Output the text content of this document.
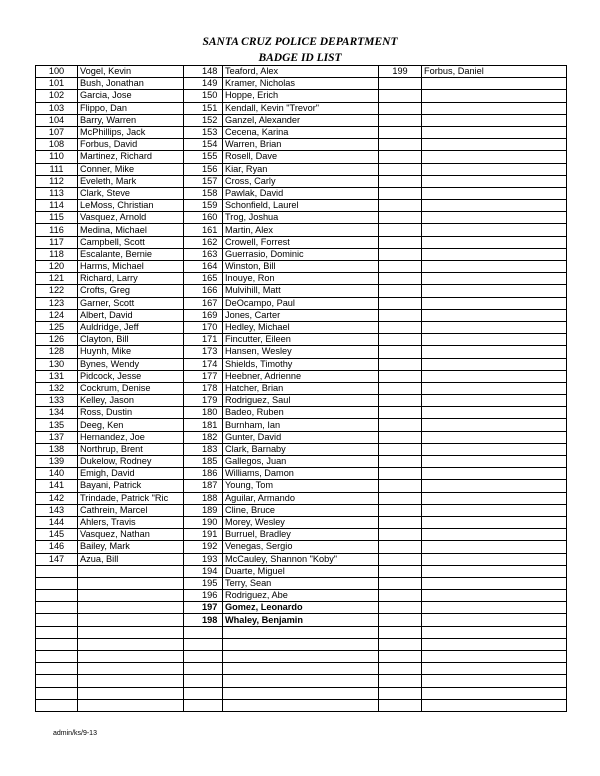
SANTA CRUZ POLICE DEPARTMENT
BADGE ID LIST
100	Vogel, Kevin	148	Teaford, Alex	199	Forbus, Daniel
101	Bush, Jonathan	149	Kramer, Nicholas		
102	Garcia, Jose	150	Hoppe, Erich		
103	Flippo, Dan	151	Kendall, Kevin "Trevor"		
104	Barry, Warren	152	Ganzel, Alexander		
107	McPhillips, Jack	153	Cecena, Karina		
108	Forbus, David	154	Warren, Brian		
110	Martinez, Richard	155	Rosell, Dave		
111	Conner, Mike	156	Kiar, Ryan		
112	Eveleth, Mark	157	Cross, Carly		
113	Clark, Steve	158	Pawlak, David		
114	LeMoss, Christian	159	Schonfield, Laurel		
115	Vasquez, Arnold	160	Trog, Joshua		
116	Medina, Michael	161	Martin, Alex		
117	Campbell, Scott	162	Crowell, Forrest		
118	Escalante, Bernie	163	Guerrasio, Dominic		
120	Harms, Michael	164	Winston, Bill		
121	Richard, Larry	165	Inouye, Ron		
122	Crofts, Greg	166	Mulvihill, Matt		
123	Garner, Scott	167	DeOcampo, Paul		
124	Albert, David	169	Jones, Carter		
125	Auldridge, Jeff	170	Hedley, Michael		
126	Clayton, Bill	171	Fincutter, Eileen		
128	Huynh, Mike	173	Hansen, Wesley		
130	Bynes, Wendy	174	Shields, Timothy		
131	Pidcock, Jesse	177	Heebner, Adrienne		
132	Cockrum, Denise	178	Hatcher, Brian		
133	Kelley, Jason	179	Rodriguez, Saul		
134	Ross, Dustin	180	Badeo, Ruben		
135	Deeg, Ken	181	Burnham, Ian		
137	Hernandez, Joe	182	Gunter, David		
138	Northrup, Brent	183	Clark, Barnaby		
139	Dukelow, Rodney	185	Gallegos, Juan		
140	Emigh, David	186	Williams, Damon		
141	Bayani, Patrick	187	Young, Tom		
142	Trindade, Patrick "Ric	188	Aguilar, Armando		
143	Cathrein, Marcel	189	Cline, Bruce		
144	Ahlers, Travis	190	Morey, Wesley		
145	Vasquez, Nathan	191	Burruel, Bradley		
146	Bailey, Mark	192	Venegas, Sergio		
147	Azua, Bill	193	McCauley, Shannon "Koby"		
		194	Duarte, Miguel		
		195	Terry, Sean		
		196	Rodriguez, Abe		
		197	Gomez, Leonardo		
		198	Whaley, Benjamin		

admin/ks/9-13
